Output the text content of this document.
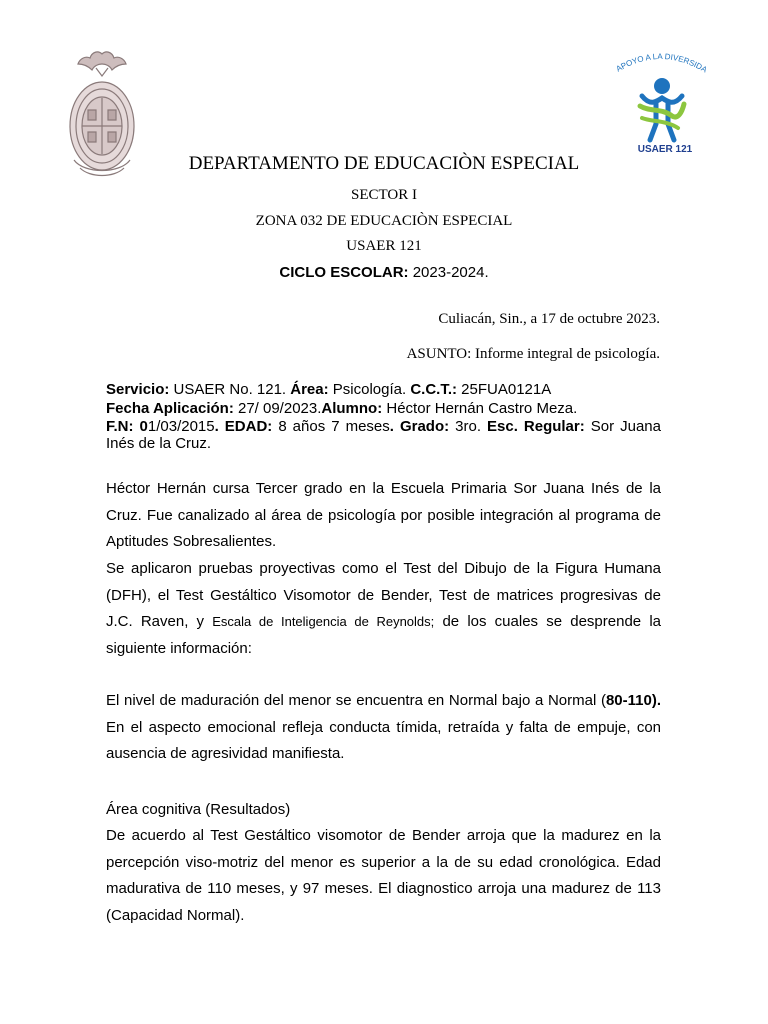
APOYO A LA DIVERSIDA
USAER 121
DEPARTAMENTO DE EDUCACIÒN ESPECIAL
SECTOR I
ZONA 032 DE EDUCACIÒN ESPECIAL
USAER 121
CICLO ESCOLAR: 2023-2024.
Culiacán, Sin., a 17 de octubre 2023.
ASUNTO: Informe integral de psicología.
Servicio: USAER No. 121. Área: Psicología. C.C.T.: 25FUA0121A
Fecha Aplicación: 27/ 09/2023.Alumno: Héctor Hernán Castro Meza.
F.N: 01/03/2015. EDAD: 8 años 7 meses. Grado: 3ro. Esc. Regular: Sor Juana Inés de la Cruz.
Héctor Hernán cursa Tercer grado en la Escuela Primaria Sor Juana Inés de la Cruz. Fue canalizado al área de psicología por posible integración al programa de Aptitudes Sobresalientes.
Se aplicaron pruebas proyectivas como el Test del Dibujo de la Figura Humana (DFH), el Test Gestáltico Visomotor de Bender, Test de matrices progresivas de J.C. Raven, y Escala de Inteligencia de Reynolds; de los cuales se desprende la siguiente información:
El nivel de maduración del menor se encuentra en Normal bajo a Normal (80-110). En el aspecto emocional refleja conducta tímida, retraída y falta de empuje, con ausencia de agresividad manifiesta.
Área cognitiva (Resultados)
De acuerdo al Test Gestáltico visomotor de Bender arroja que la madurez en la percepción viso-motriz del menor es superior a la de su edad cronológica. Edad madurativa de 110 meses, y 97 meses. El diagnostico arroja una madurez de 113 (Capacidad Normal).
